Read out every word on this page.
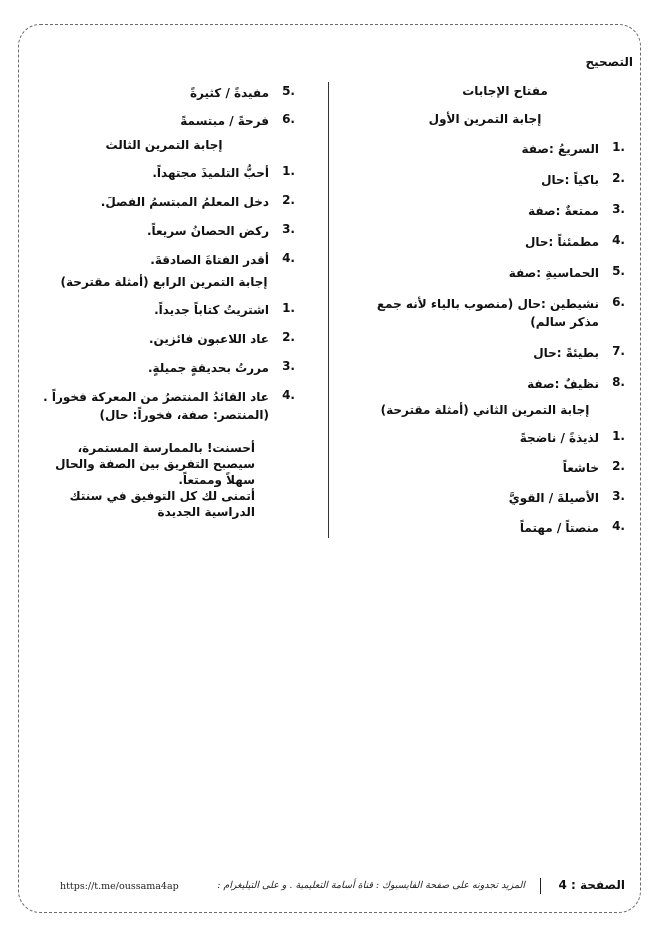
التصحيح

مفتاح الإجابات

إجابة التمرين الأول

1.
السريعُ :صفة
2.
باكياً :حال
3.
ممتعةٌ :صفة
4.
مطمئناً :حال
5.
الحماسيةِ :صفة
6.
نشيطين :حال (منصوب بالياء لأنه جمع مذكر سالم)
7.
بطيئةً :حال
8.
نظيفٌ :صفة

إجابة التمرين الثاني (أمثلة مقترحة)

1.
لذيذةً / ناضجةً
2.
خاشعاً
3.
الأصيلةَ / القويَّ
4.
منصتاً / مهتماً
5.
مفيدةً / كثيرةً
6.
فرحةً / مبتسمةً

إجابة التمرين الثالث

1.
أحبُّ التلميذَ مجتهداً.
2.
دخل المعلمُ المبتسمُ الفصلَ.
3.
ركض الحصانُ سريعاً.
4.
أقدر الفتاةَ الصادقةَ.

إجابة التمرين الرابع (أمثلة مقترحة)

1.
اشتريتُ كتاباً جديداً.
2.
عاد اللاعبون فائزين.
3.
مررتُ بحديقةٍ جميلةٍ.
4.
عاد القائدُ المنتصرُ من المعركة فخوراً . (المنتصر: صفة، فخوراً: حال)
أحسنت! بالممارسة المستمرة، سيصبح التفريق بين الصفة والحال سهلاً وممتعاً.
أتمنى لك كل التوفيق في سنتك الدراسية الجديدة
الصفحة : 4
المزيد تجدونه على صفحة الفايسبوك : قناة أسامة التعليمية . و على التيليغرام :
https://t.me/oussama4ap
